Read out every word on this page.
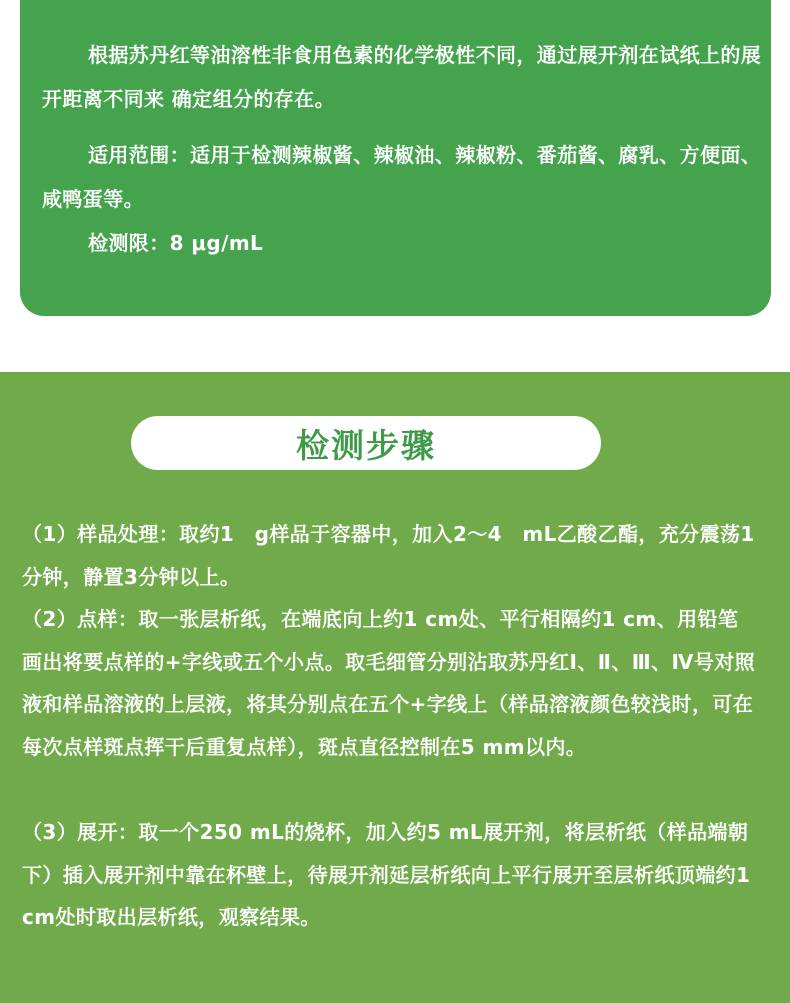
根据苏丹红等油溶性非食用色素的化学极性不同，通过展开剂在试纸上的展开距离不同来 确定组分的存在。

适用范围：适用于检测辣椒酱、辣椒油、辣椒粉、番茄酱、腐乳、方便面、咸鸭蛋等。

检测限：8 μg/mL

检测步骤

（1）样品处理：取约1　g样品于容器中，加入2～4　mL乙酸乙酯，充分震荡1分钟，静置3分钟以上。

（2）点样：取一张层析纸，在端底向上约1 cm处、平行相隔约1 cm、用铅笔画出将要点样的+字线或五个小点。取毛细管分别沾取苏丹红Ⅰ、Ⅱ、Ⅲ、Ⅳ号对照液和样品溶液的上层液，将其分别点在五个+字线上（样品溶液颜色较浅时，可在每次点样斑点挥干后重复点样），斑点直径控制在5 mm以内。

（3）展开：取一个250 mL的烧杯，加入约5 mL展开剂，将层析纸（样品端朝下）插入展开剂中靠在杯壁上，待展开剂延层析纸向上平行展开至层析纸顶端约1 cm处时取出层析纸，观察结果。
